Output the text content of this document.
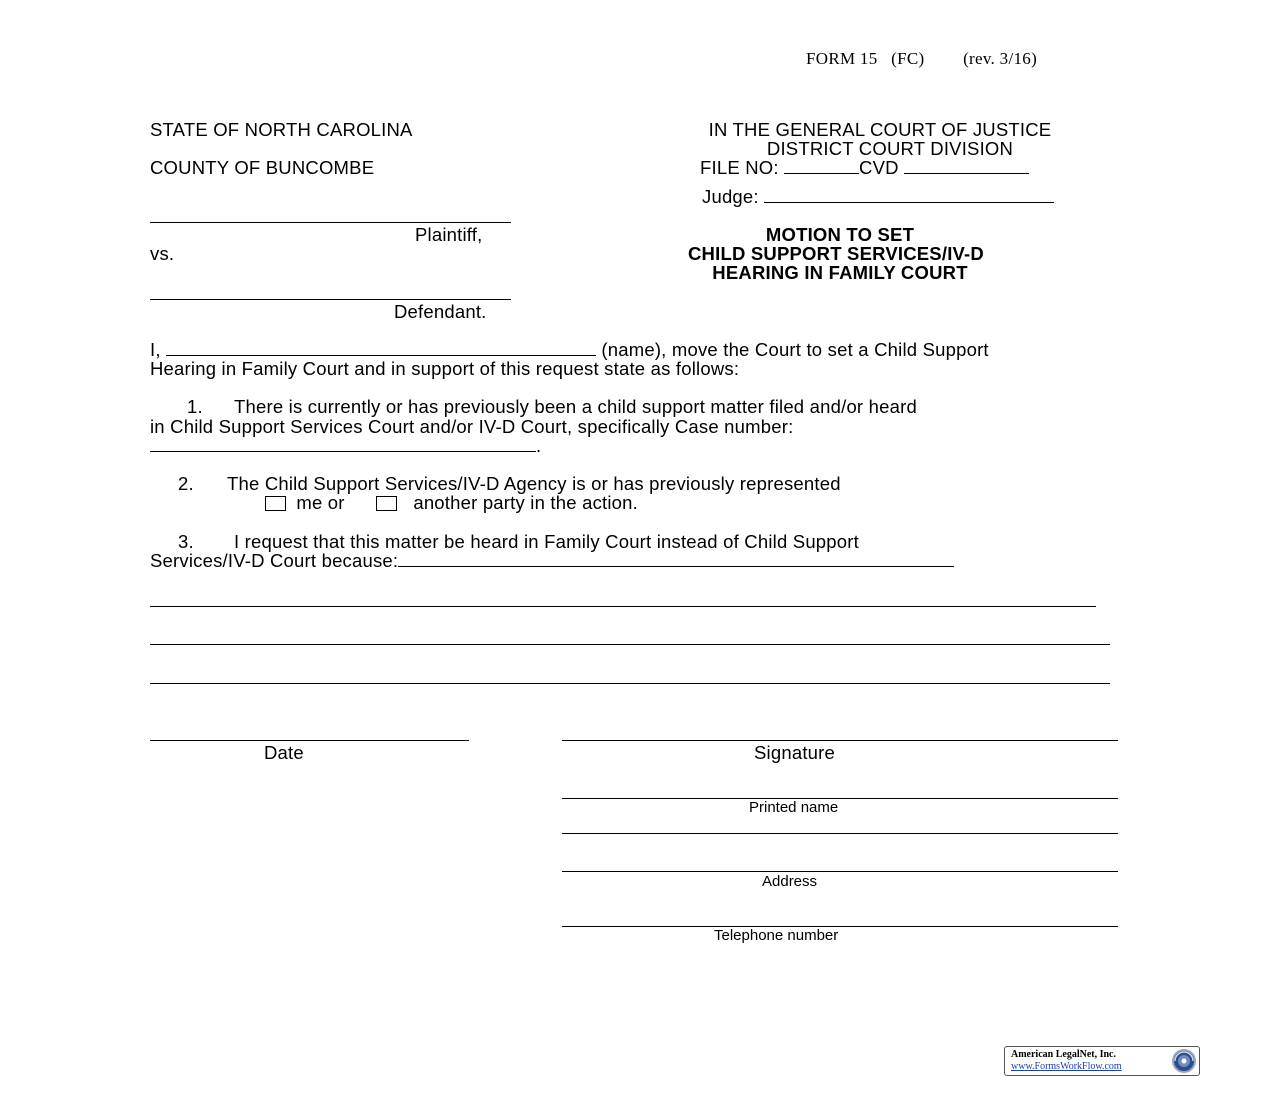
FORM 15   (FC) (rev. 3/16)
STATE OF NORTH CAROLINA
COUNTY OF BUNCOMBE
IN THE GENERAL COURT OF JUSTICE
DISTRICT COURT DIVISION
FILE NO:	CVD
Judge:
Plaintiff,
vs.
Defendant.
MOTION TO SET
CHILD SUPPORT SERVICES/IV-D
HEARING IN FAMILY COURT
I,	(name), move the Court to set a Child Support
Hearing in Family Court and in support of this request state as follows:
1. There is currently or has previously been a child support matter filed and/or heard
in Child Support Services Court and/or IV-D Court, specifically Case number:
.
2. The Child Support Services/IV-D Agency is or has previously represented
me or	another party in the action.
3. I request that this matter be heard in Family Court instead of Child Support
Services/IV-D Court because:
Date	Signature
Printed name
Address
Telephone number
American LegalNet, Inc.
www.FormsWorkFlow.com
